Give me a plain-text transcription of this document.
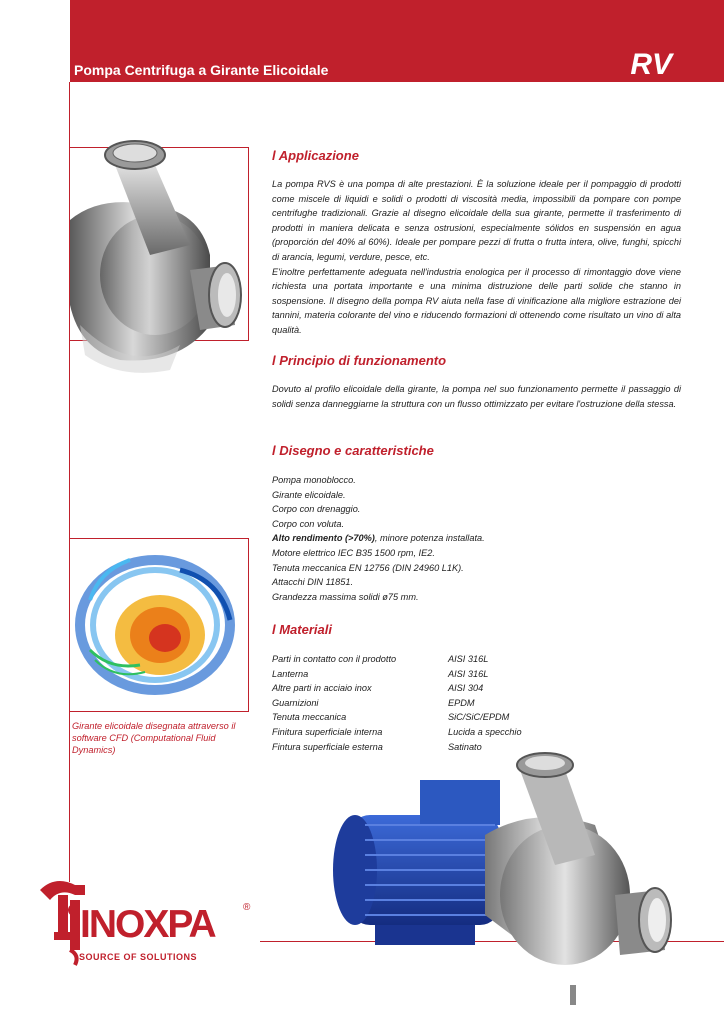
Pompa Centrifuga a Girante Elicoidale	RV
l Applicazione

La pompa RVS è una pompa di alte prestazioni. È la soluzione ideale per il pompaggio di prodotti come miscele di liquidi e solidi o prodotti di viscosità media, impossibili da pompare con pompe centrifughe tradizionali. Grazie al disegno elicoidale della sua girante, permette il trasferimento di prodotti in maniera delicata e senza ostrusioni, especialmente sólidos en suspensión en agua (proporción del 40% al 60%). Ideale per pompare pezzi di frutta o frutta intera, olive, funghi, spicchi di arancia, legumi, verdure, pesce, etc.

E'inoltre perfettamente adeguata nell'industria enologica per il processo di rimontaggio dove viene richiesta una portata importante e una minima distruzione delle parti solide che stanno in sospensione. Il disegno della pompa RV aiuta nella fase di vinificazione alla migliore estrazione dei tannini, materia colorante del vino e riducendo formazioni di ottenendo come risultato un vino di alta qualità.

l Principio di funzionamento

Dovuto al profilo elicoidale della girante, la pompa nel suo funzionamento permette il passaggio di solidi senza danneggiarne la struttura con un flusso ottimizzato per evitare l'ostruzione della stessa.

l Disegno e caratteristiche
Pompa monoblocco.
Girante elicoidale.
Corpo con drenaggio.
Corpo con voluta.
Alto rendimento (>70%), minore potenza installata.
Motore elettrico IEC B35 1500 rpm, IE2.
Tenuta meccanica EN 12756 (DIN 24960 L1K).
Attacchi DIN 11851.
Grandezza massima solidi ø75 mm.
Girante elicoidale disegnata attraverso il software CFD (Computational Fluid Dynamics)
l Materiali
Parti in contatto con il prodotto	AISI 316L
Lanterna	AISI 316L
Altre parti in acciaio inox	AISI 304
Guarnizioni	EPDM
Tenuta meccanica	SiC/SiC/EPDM
Finitura superficiale interna	Lucida a specchio
Fintura superficiale esterna	Satinato
INOXPA	®
SOURCE OF SOLUTIONS
